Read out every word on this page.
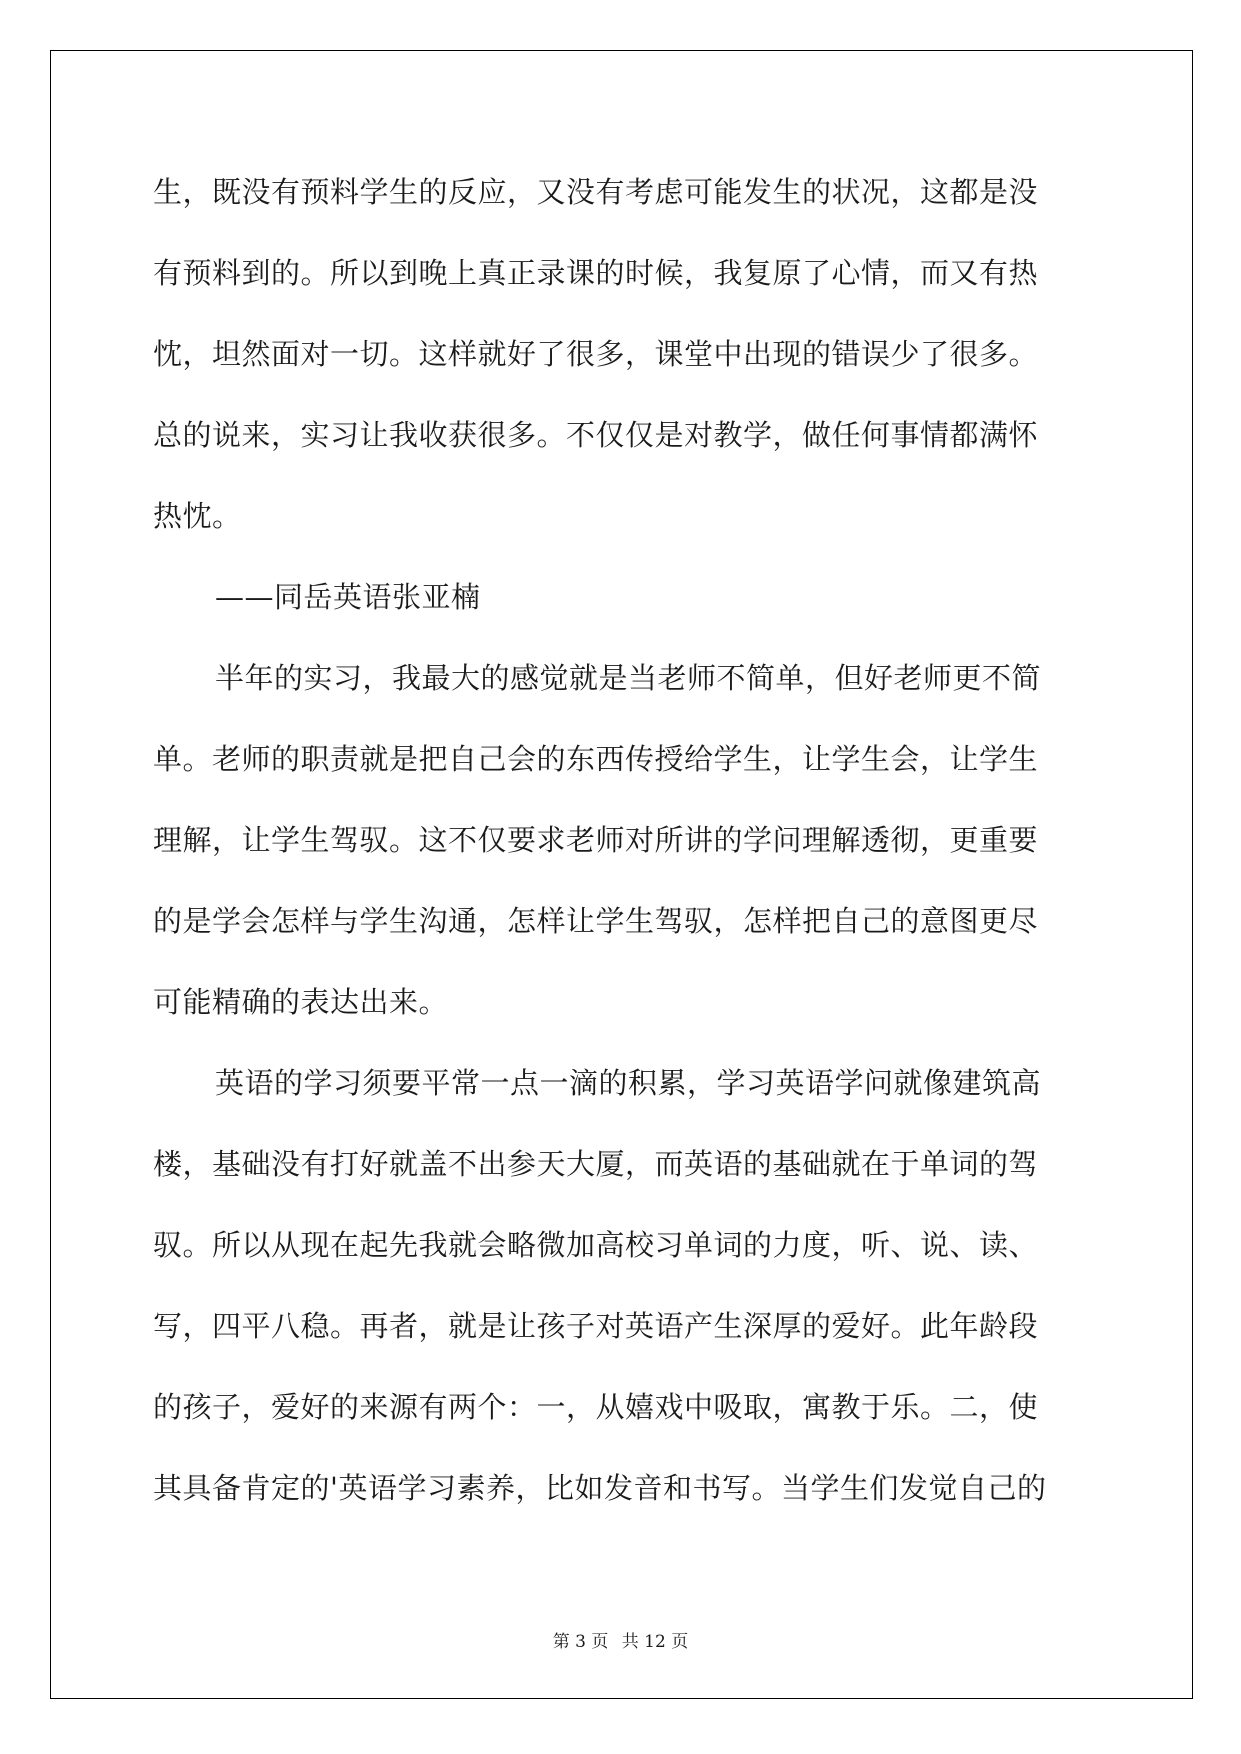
生，既没有预料学生的反应，又没有考虑可能发生的状况，这都是没
有预料到的。所以到晚上真正录课的时候，我复原了心情，而又有热
忱，坦然面对一切。这样就好了很多，课堂中出现的错误少了很多。
总的说来，实习让我收获很多。不仅仅是对教学，做任何事情都满怀
热忱。
——同岳英语张亚楠
半年的实习，我最大的感觉就是当老师不简单，但好老师更不简
单。老师的职责就是把自己会的东西传授给学生，让学生会，让学生
理解，让学生驾驭。这不仅要求老师对所讲的学问理解透彻，更重要
的是学会怎样与学生沟通，怎样让学生驾驭，怎样把自己的意图更尽
可能精确的表达出来。
英语的学习须要平常一点一滴的积累，学习英语学问就像建筑高
楼，基础没有打好就盖不出参天大厦，而英语的基础就在于单词的驾
驭。所以从现在起先我就会略微加高校习单词的力度，听、说、读、
写，四平八稳。再者，就是让孩子对英语产生深厚的爱好。此年龄段
的孩子，爱好的来源有两个：一，从嬉戏中吸取，寓教于乐。二，使
其具备肯定的'英语学习素养，比如发音和书写。当学生们发觉自己的
第 3 页 共 12 页
